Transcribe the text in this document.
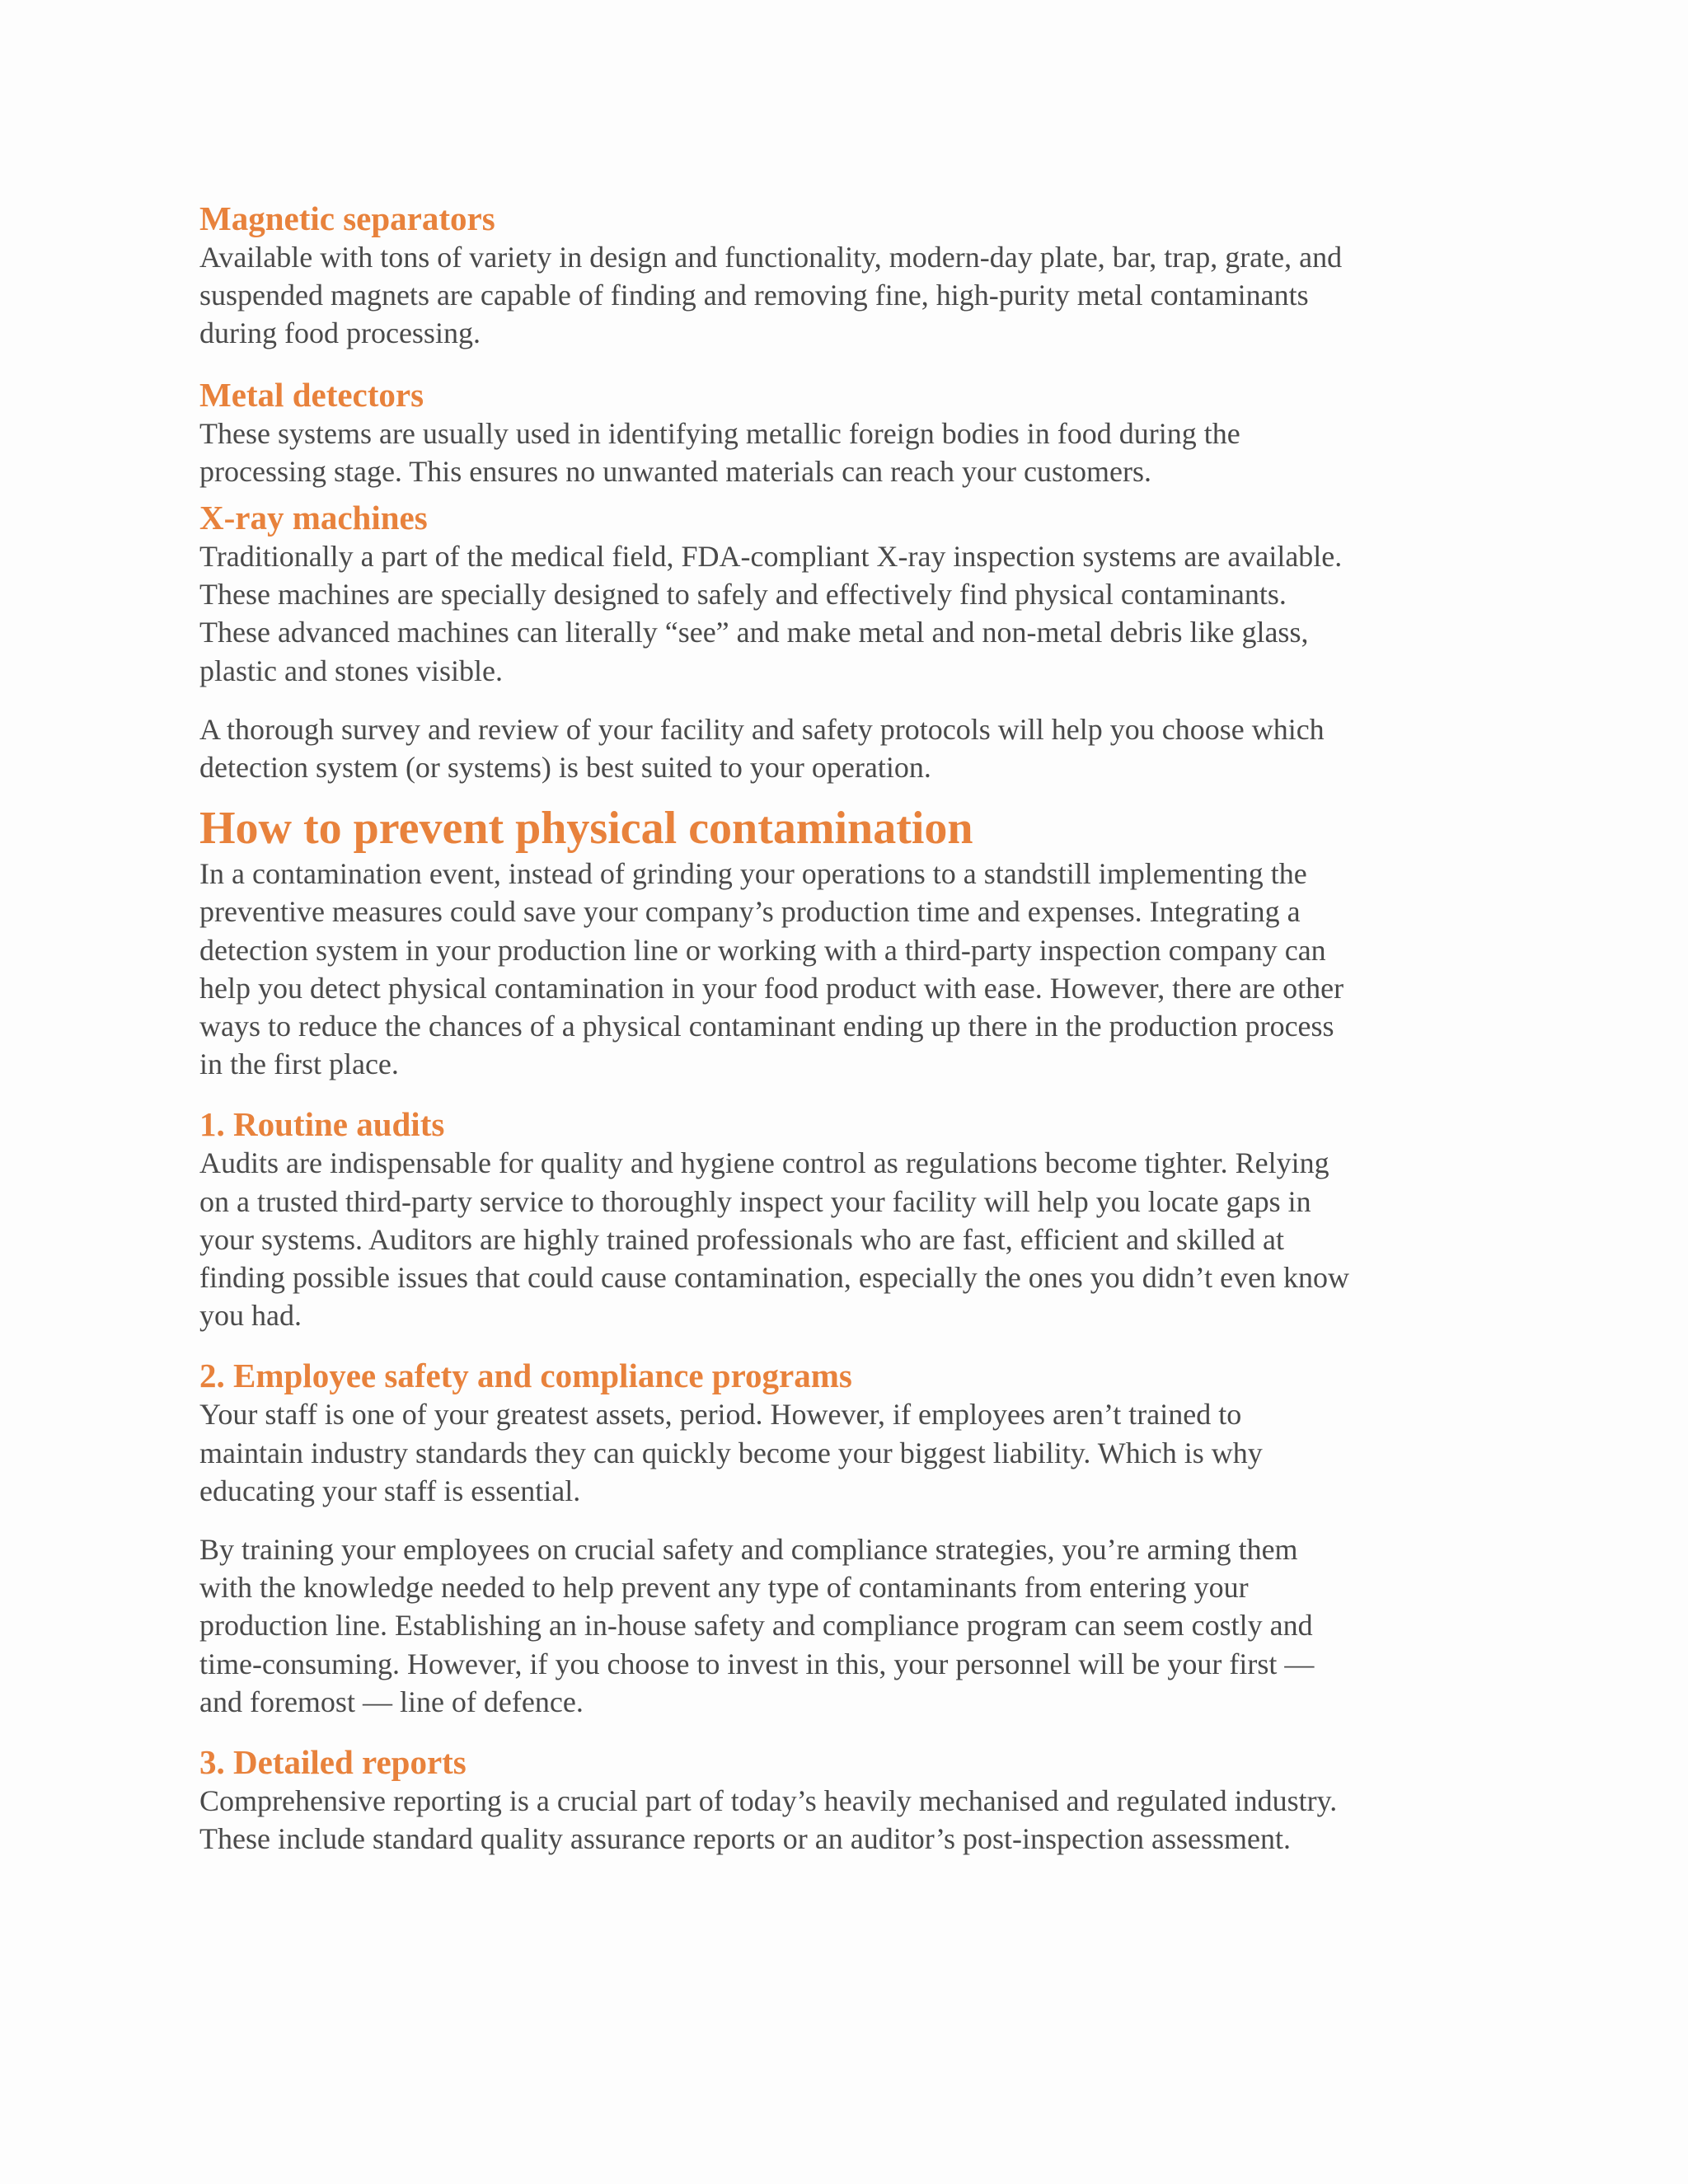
Magnetic separators

Available with tons of variety in design and functionality, modern-day plate, bar, trap, grate, and
suspended magnets are capable of finding and removing fine, high-purity metal contaminants
during food processing.

Metal detectors

These systems are usually used in identifying metallic foreign bodies in food during the
processing stage. This ensures no unwanted materials can reach your customers.

X-ray machines

Traditionally a part of the medical field, FDA-compliant X-ray inspection systems are available.
These machines are specially designed to safely and effectively find physical contaminants.
These advanced machines can literally “see” and make metal and non-metal debris like glass,
plastic and stones visible.

A thorough survey and review of your facility and safety protocols will help you choose which
detection system (or systems) is best suited to your operation.

How to prevent physical contamination

In a contamination event, instead of grinding your operations to a standstill implementing the
preventive measures could save your company’s production time and expenses. Integrating a
detection system in your production line or working with a third-party inspection company can
help you detect physical contamination in your food product with ease. However, there are other
ways to reduce the chances of a physical contaminant ending up there in the production process
in the first place.

1. Routine audits

Audits are indispensable for quality and hygiene control as regulations become tighter. Relying
on a trusted third-party service to thoroughly inspect your facility will help you locate gaps in
your systems. Auditors are highly trained professionals who are fast, efficient and skilled at
finding possible issues that could cause contamination, especially the ones you didn’t even know
you had.

2. Employee safety and compliance programs

Your staff is one of your greatest assets, period. However, if employees aren’t trained to
maintain industry standards they can quickly become your biggest liability. Which is why
educating your staff is essential.

By training your employees on crucial safety and compliance strategies, you’re arming them
with the knowledge needed to help prevent any type of contaminants from entering your
production line. Establishing an in-house safety and compliance program can seem costly and
time-consuming. However, if you choose to invest in this, your personnel will be your first —
and foremost — line of defence.

3. Detailed reports

Comprehensive reporting is a crucial part of today’s heavily mechanised and regulated industry.
These include standard quality assurance reports or an auditor’s post-inspection assessment.
